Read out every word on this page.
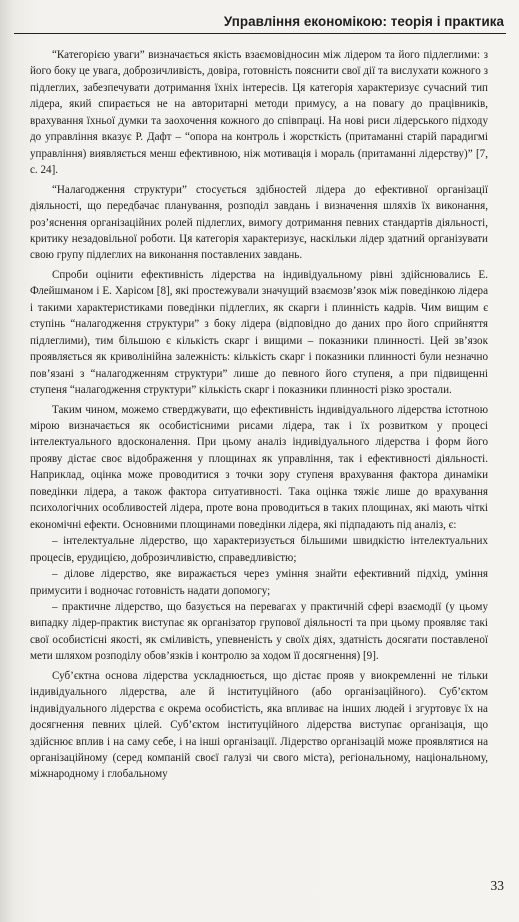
Управління економікою: теорія і практика

“Категорією уваги” визначається якість взаємовідносин між лідером та його підлеглими: з його боку це увага, доброзичливість, довіра, готовність пояснити свої дії та вислухати кожного з підлеглих, забезпечувати дотримання їхніх інтересів. Ця категорія характеризує сучасний тип лідера, який спирається не на авторитарні методи примусу, а на повагу до працівників, врахування їхньої думки та заохочення кожного до співпраці. На нові риси лідерського підходу до управління вказує Р. Дафт – “опора на контроль і жорсткість (притаманні старій парадигмі управління) виявляється менш ефективною, ніж мотивація і мораль (притаманні лідерству)” [7, с. 24].

“Налагодження структури” стосується здібностей лідера до ефективної організації діяльності, що передбачає планування, розподіл завдань і визначення шляхів їх виконання, роз’яснення організаційних ролей підлеглих, вимогу дотримання певних стандартів діяльності, критику незадовільної роботи. Ця категорія характеризує, наскільки лідер здатний організувати свою групу підлеглих на виконання поставлених завдань.

Спроби оцінити ефективність лідерства на індивідуальному рівні здійснювались Е. Флейшманом і Е. Харісом [8], які простежували значущий взаємозв’язок між поведінкою лідера і такими характеристиками поведінки підлеглих, як скарги і плинність кадрів. Чим вищим є ступінь “налагодження структури” з боку лідера (відповідно до даних про його сприйняття підлеглими), тим більшою є кількість скарг і вищими – показники плинності. Цей зв’язок проявляється як криволінійна залежність: кількість скарг і показники плинності були незначно пов’язані з “налагодженням структури” лише до певного його ступеня, а при підвищенні ступеня “налагодження структури” кількість скарг і показники плинності різко зростали.

Таким чином, можемо стверджувати, що ефективність індивідуального лідерства істотною мірою визначається як особистісними рисами лідера, так і їх розвитком у процесі інтелектуального вдосконалення. При цьому аналіз індивідуального лідерства і форм його прояву дістає своє відображення у площинах як управління, так і ефективності діяльності. Наприклад, оцінка може проводитися з точки зору ступеня врахування фактора динаміки поведінки лідера, а також фактора ситуативності. Така оцінка тяжіє лише до врахування психологічних особливостей лідера, проте вона проводиться в таких площинах, які мають чіткі економічні ефекти. Основними площинами поведінки лідера, які підпадають під аналіз, є:

– інтелектуальне лідерство, що характеризується більшими швидкістю інтелектуальних процесів, ерудицією, доброзичливістю, справедливістю;

– ділове лідерство, яке виражається через уміння знайти ефективний підхід, уміння примусити і водночас готовність надати допомогу;

– практичне лідерство, що базується на перевагах у практичній сфері взаємодії (у цьому випадку лідер-практик виступає як організатор групової діяльності та при цьому проявляє такі свої особистісні якості, як сміливість, упевненість у своїх діях, здатність досягати поставленої мети шляхом розподілу обов’язків і контролю за ходом її досягнення) [9].

Суб’єктна основа лідерства ускладнюється, що дістає прояв у виокремленні не тільки індивідуального лідерства, але й інституційного (або організаційного). Суб’єктом індивідуального лідерства є окрема особистість, яка впливає на інших людей і згуртовує їх на досягнення певних цілей. Суб’єктом інституційного лідерства виступає організація, що здійснює вплив і на саму себе, і на інші організації. Лідерство організацій може проявлятися на організаційному (серед компаній своєї галузі чи свого міста), регіональному, національному, міжнародному і глобальному

33
